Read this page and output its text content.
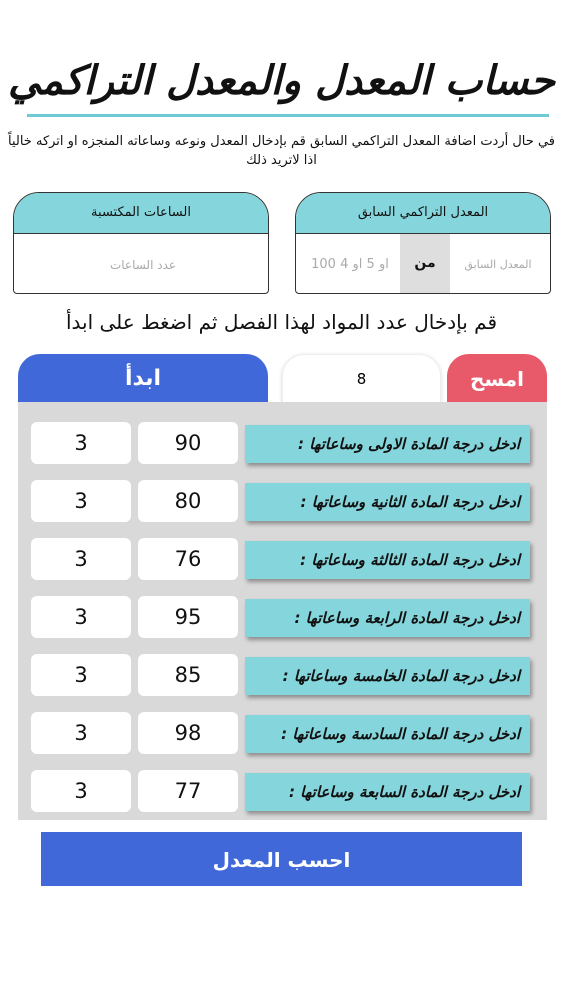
حساب المعدل والمعدل التراكمي
في حال أردت اضافة المعدل التراكمي السابق قم بإدخال المعدل ونوعه وساعاته المنجزه او اتركه خالياً اذا لاتريد ذلك
الساعات المكتسبة
عدد الساعات	المعدل التراكمي السابق
المعدل السابق
من
100 او 5 او 4
قم بإدخال عدد المواد لهذا الفصل ثم اضغط على ابدأ
امسح
8
ابدأ
ادخل درجة المادة الاولى وساعاتها :
90
3
ادخل درجة المادة الثانية وساعاتها :
80
3
ادخل درجة المادة الثالثة وساعاتها :
76
3
ادخل درجة المادة الرابعة وساعاتها :
95
3
ادخل درجة المادة الخامسة وساعاتها :
85
3
ادخل درجة المادة السادسة وساعاتها :
98
3
ادخل درجة المادة السابعة وساعاتها :
77
3
احسب المعدل
